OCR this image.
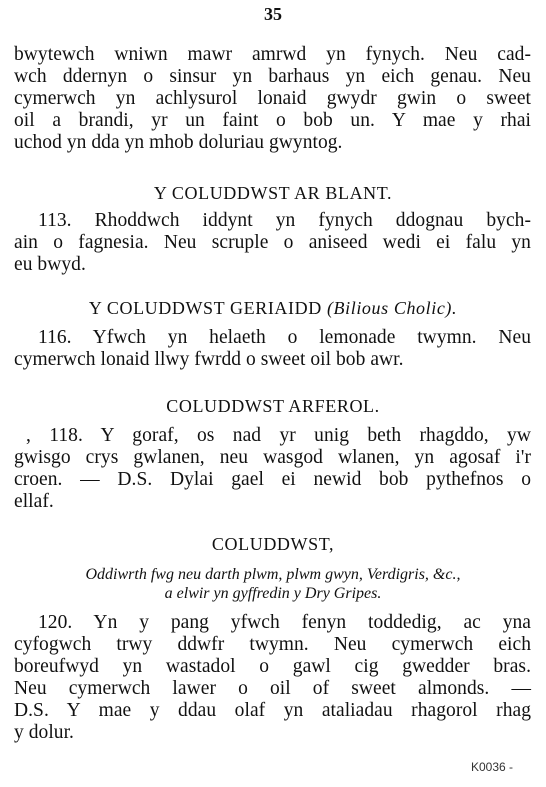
35
bwytewch wniwn mawr amrwd yn fynych. Neu cad-
wch ddernyn o sinsur yn barhaus yn eich genau. Neu
cymerwch yn achlysurol lonaid gwydr gwin o sweet
oil a brandi, yr un faint o bob un. Y mae y rhai
uchod yn dda yn mhob doluriau gwyntog.
Y COLUDDWST AR BLANT.
113. Rhoddwch iddynt yn fynych ddognau bych-
ain o fagnesia. Neu scruple o aniseed wedi ei falu yn
eu bwyd.
Y COLUDDWST GERIAIDD (Bilious Cholic).
116. Yfwch yn helaeth o lemonade twymn. Neu
cymerwch lonaid llwy fwrdd o sweet oil bob awr.
COLUDDWST ARFEROL.
, 118. Y goraf, os nad yr unig beth rhagddo, yw
gwisgo crys gwlanen, neu wasgod wlanen, yn agosaf i'r
croen. — D.S. Dylai gael ei newid bob pythefnos o
ellaf.
COLUDDWST,
Oddiwrth fwg neu darth plwm, plwm gwyn, Verdigris, &c.,
a elwir yn gyffredin y Dry Gripes.
120. Yn y pang yfwch fenyn toddedig, ac yna
cyfogwch trwy ddwfr twymn. Neu cymerwch eich
boreufwyd yn wastadol o gawl cig gwedder bras.
Neu cymerwch lawer o oil of sweet almonds. —
D.S. Y mae y ddau olaf yn ataliadau rhagorol rhag
y dolur.
K0036 -
